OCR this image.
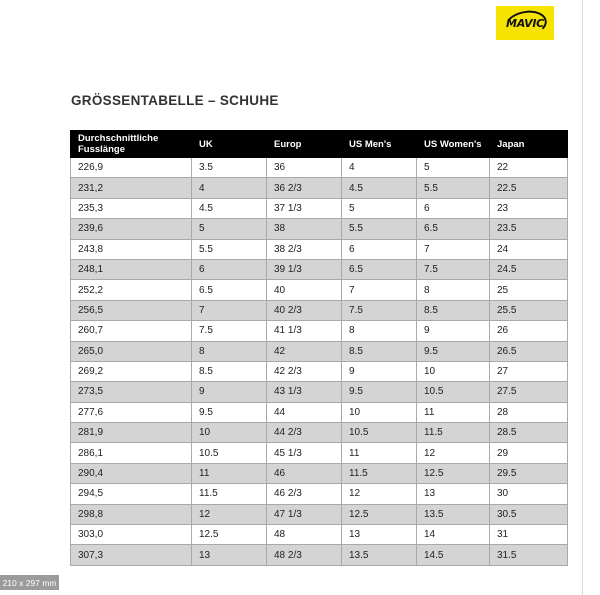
MAVIC
GRÖSSENTABELLE – SCHUHE
Durchschnittliche Fusslänge	UK	Europ	US Men's	US Women's	Japan
226,9	3.5	36	4	5	22
231,2	4	36 2/3	4.5	5.5	22.5
235,3	4.5	37 1/3	5	6	23
239,6	5	38	5.5	6.5	23.5
243,8	5.5	38 2/3	6	7	24
248,1	6	39 1/3	6.5	7.5	24.5
252,2	6.5	40	7	8	25
256,5	7	40 2/3	7.5	8.5	25.5
260,7	7.5	41 1/3	8	9	26
265,0	8	42	8.5	9.5	26.5
269,2	8.5	42 2/3	9	10	27
273,5	9	43 1/3	9.5	10.5	27.5
277,6	9.5	44	10	11	28
281,9	10	44 2/3	10.5	11.5	28.5
286,1	10.5	45 1/3	11	12	29
290,4	11	46	11.5	12.5	29.5
294,5	11.5	46 2/3	12	13	30
298,8	12	47 1/3	12.5	13.5	30.5
303,0	12.5	48	13	14	31
307,3	13	48 2/3	13.5	14.5	31.5
210 x 297 mm
